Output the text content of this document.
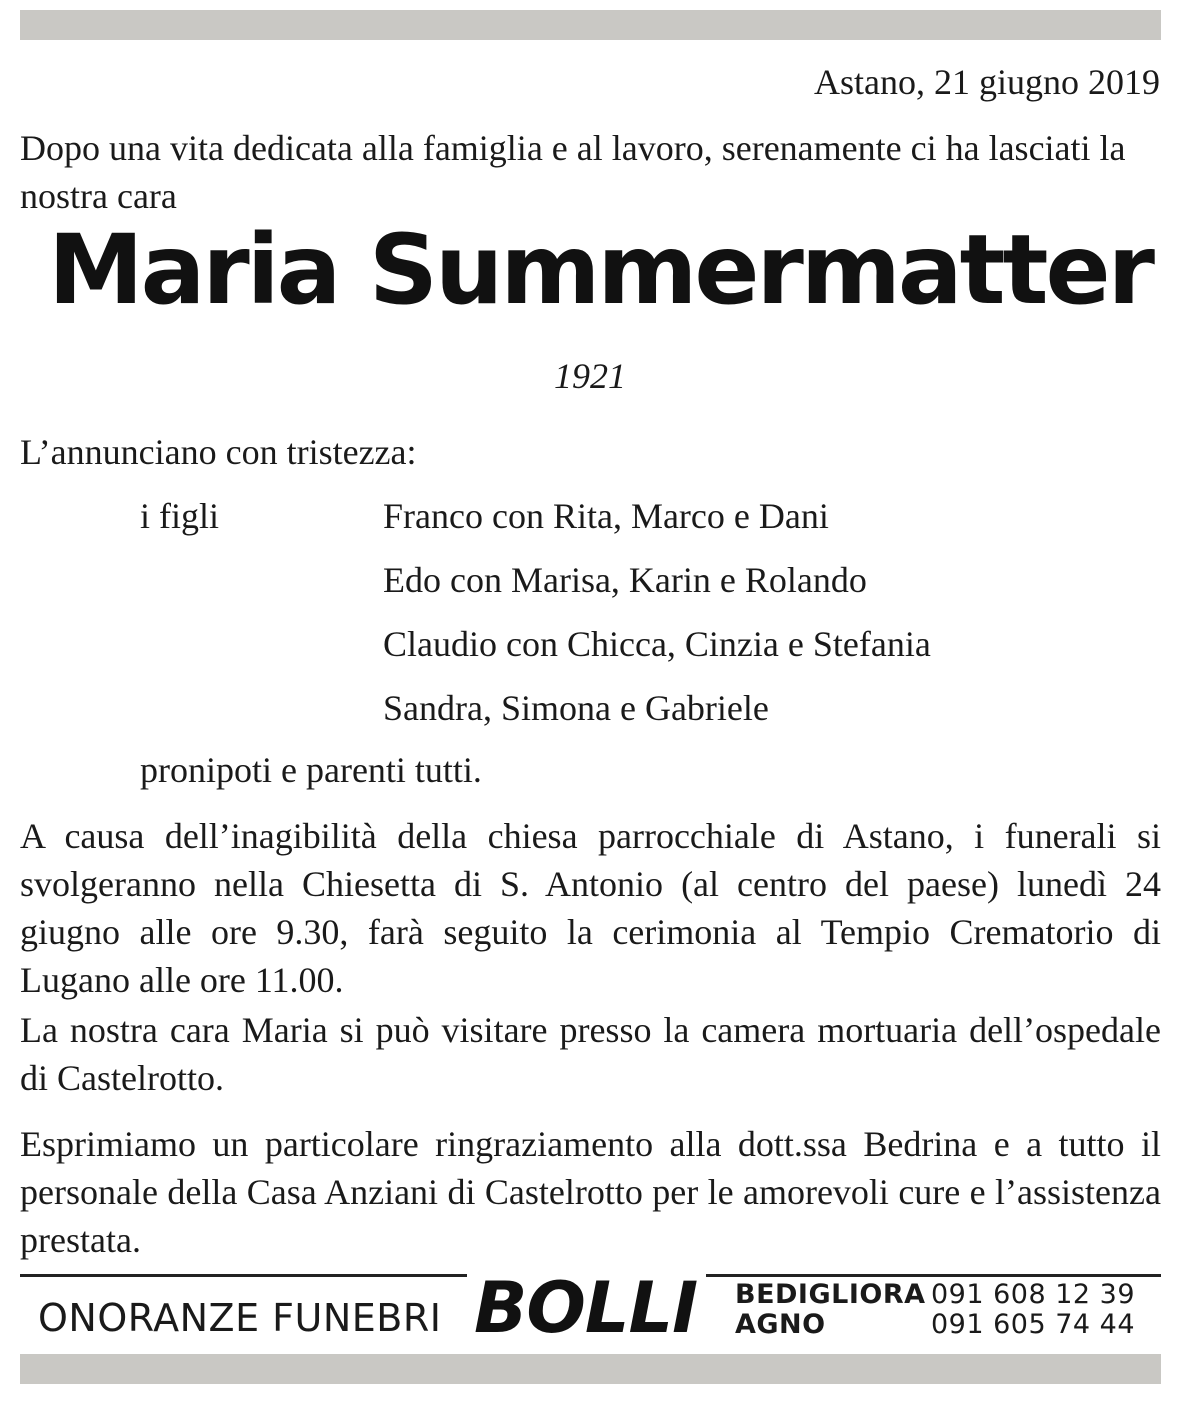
Astano, 21 giugno 2019
Dopo una vita dedicata alla famiglia e al lavoro, serenamente ci ha lasciati la nostra cara
Maria Summermatter
1921
L’annunciano con tristezza:
i figli	Franco con Rita, Marco e Dani
Edo con Marisa, Karin e Rolando
Claudio con Chicca, Cinzia e Stefania
Sandra, Simona e Gabriele
pronipoti e parenti tutti.
A causa dell’inagibilità della chiesa parrocchiale di Astano, i funerali si svolgeranno nella Chiesetta di S. Antonio (al centro del paese) lunedì 24 giugno alle ore 9.30, farà seguito la cerimonia al Tempio Crematorio di Lugano alle ore 11.00.
La nostra cara Maria si può visitare presso la camera mortuaria dell’ospedale di Castelrotto.
Esprimiamo un particolare ringraziamento alla dott.ssa Bedrina e a tutto il personale della Casa Anziani di Castelrotto per le amorevoli cure e l’assistenza prestata.
ONORANZE FUNEBRI BOLLI BEDIGLIORA 091 608 12 39
AGNO	091 605 74 44
